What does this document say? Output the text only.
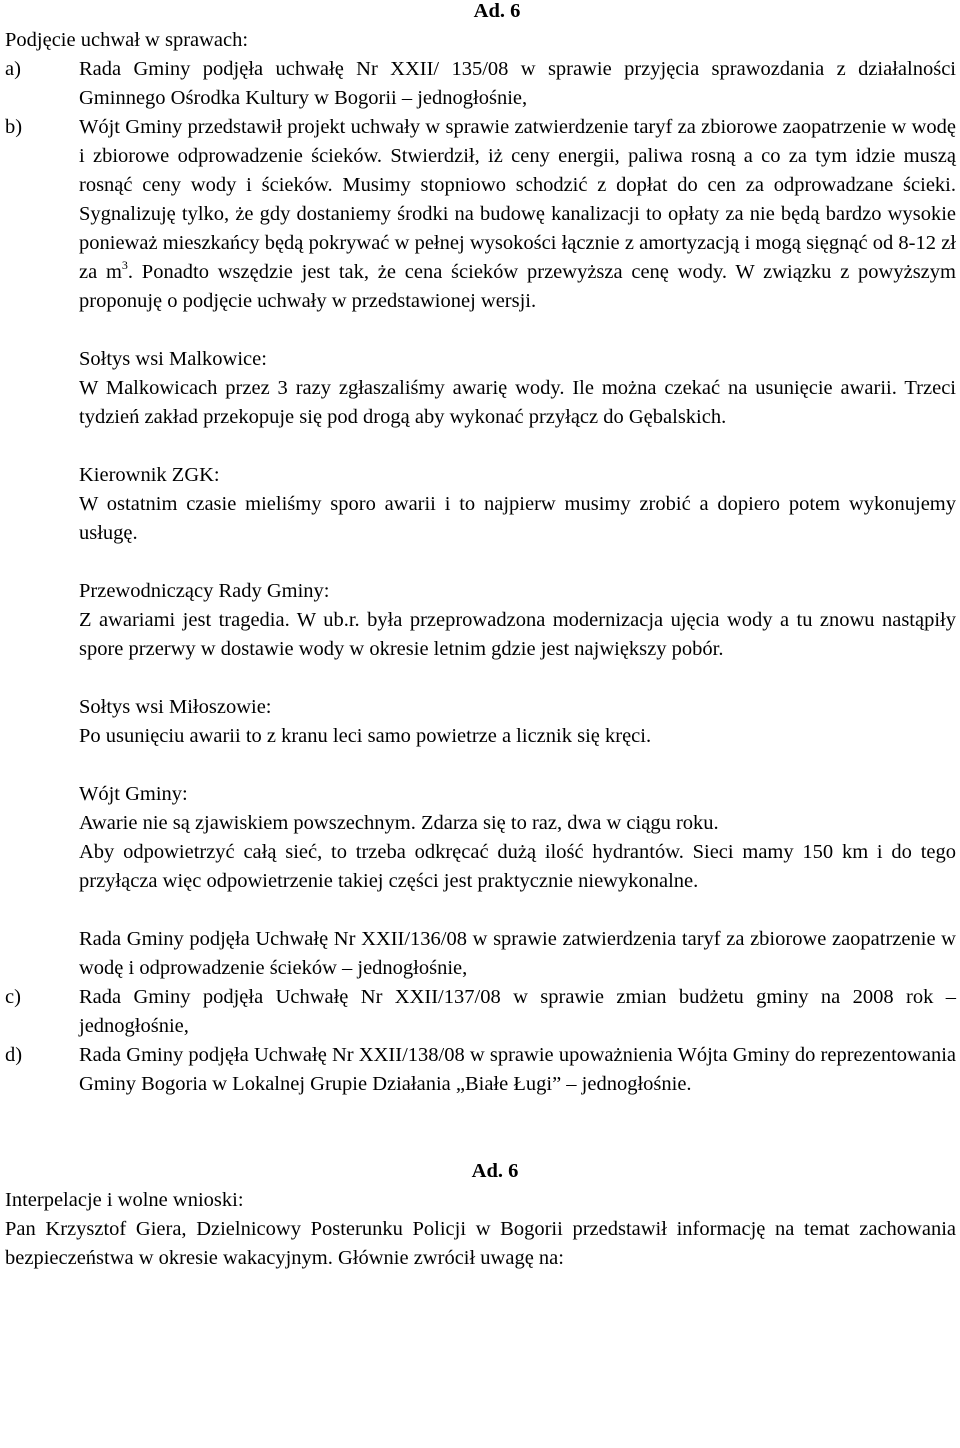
Ad. 6

Podjęcie uchwał w sprawach:

a)	Rada Gminy podjęła uchwałę Nr XXII/ 135/08 w sprawie przyjęcia sprawozdania z działalności Gminnego Ośrodka Kultury w Bogorii – jednogłośnie,
b)	Wójt Gminy przedstawił projekt uchwały w sprawie zatwierdzenie taryf za zbiorowe zaopatrzenie w wodę i zbiorowe odprowadzenie ścieków. Stwierdził, iż ceny energii, paliwa rosną a co za tym idzie muszą rosnąć ceny wody i ścieków. Musimy stopniowo schodzić z dopłat do cen za odprowadzane ścieki. Sygnalizuję tylko, że gdy dostaniemy środki na budowę kanalizacji to opłaty za nie będą bardzo wysokie ponieważ mieszkańcy będą pokrywać w pełnej wysokości łącznie z amortyzacją i mogą sięgnąć od 8-12 zł za $m^3$. Ponadto wszędzie jest tak, że cena ścieków przewyższa cenę wody. W związku z powyższym proponuję o podjęcie uchwały w przedstawionej wersji.
Sołtys wsi Malkowice:

W Malkowicach przez 3 razy zgłaszaliśmy awarię wody. Ile można czekać na usunięcie awarii. Trzeci tydzień zakład przekopuje się pod drogą aby wykonać przyłącz do Gębalskich.

Kierownik ZGK:

W ostatnim czasie mieliśmy sporo awarii i to najpierw musimy zrobić a dopiero potem wykonujemy usługę.

Przewodniczący Rady Gminy:

Z awariami jest tragedia. W ub.r. była przeprowadzona modernizacja ujęcia wody a tu znowu nastąpiły spore przerwy w dostawie wody w okresie letnim gdzie jest największy pobór.

Sołtys wsi Miłoszowie:

Po usunięciu awarii to z kranu leci samo powietrze a licznik się kręci.

Wójt Gminy:

Awarie nie są zjawiskiem powszechnym. Zdarza się to raz, dwa w ciągu roku.

Aby odpowietrzyć całą sieć, to trzeba odkręcać dużą ilość hydrantów. Sieci mamy 150 km i do tego przyłącza więc odpowietrzenie takiej części jest praktycznie niewykonalne.

Rada Gminy podjęła Uchwałę Nr XXII/136/08 w sprawie zatwierdzenia taryf za zbiorowe zaopatrzenie w wodę i odprowadzenie ścieków – jednogłośnie,

c)	Rada Gminy podjęła Uchwałę Nr XXII/137/08 w sprawie zmian budżetu gminy na 2008 rok – jednogłośnie,
d)	Rada Gminy podjęła Uchwałę Nr XXII/138/08 w sprawie upoważnienia Wójta Gminy do reprezentowania Gminy Bogoria w Lokalnej Grupie Działania „Białe Ługi” – jednogłośnie.

Ad. 6

Interpelacje i wolne wnioski:

Pan Krzysztof Giera, Dzielnicowy Posterunku Policji w Bogorii przedstawił informację na temat zachowania bezpieczeństwa w okresie wakacyjnym. Głównie zwrócił uwagę na:
